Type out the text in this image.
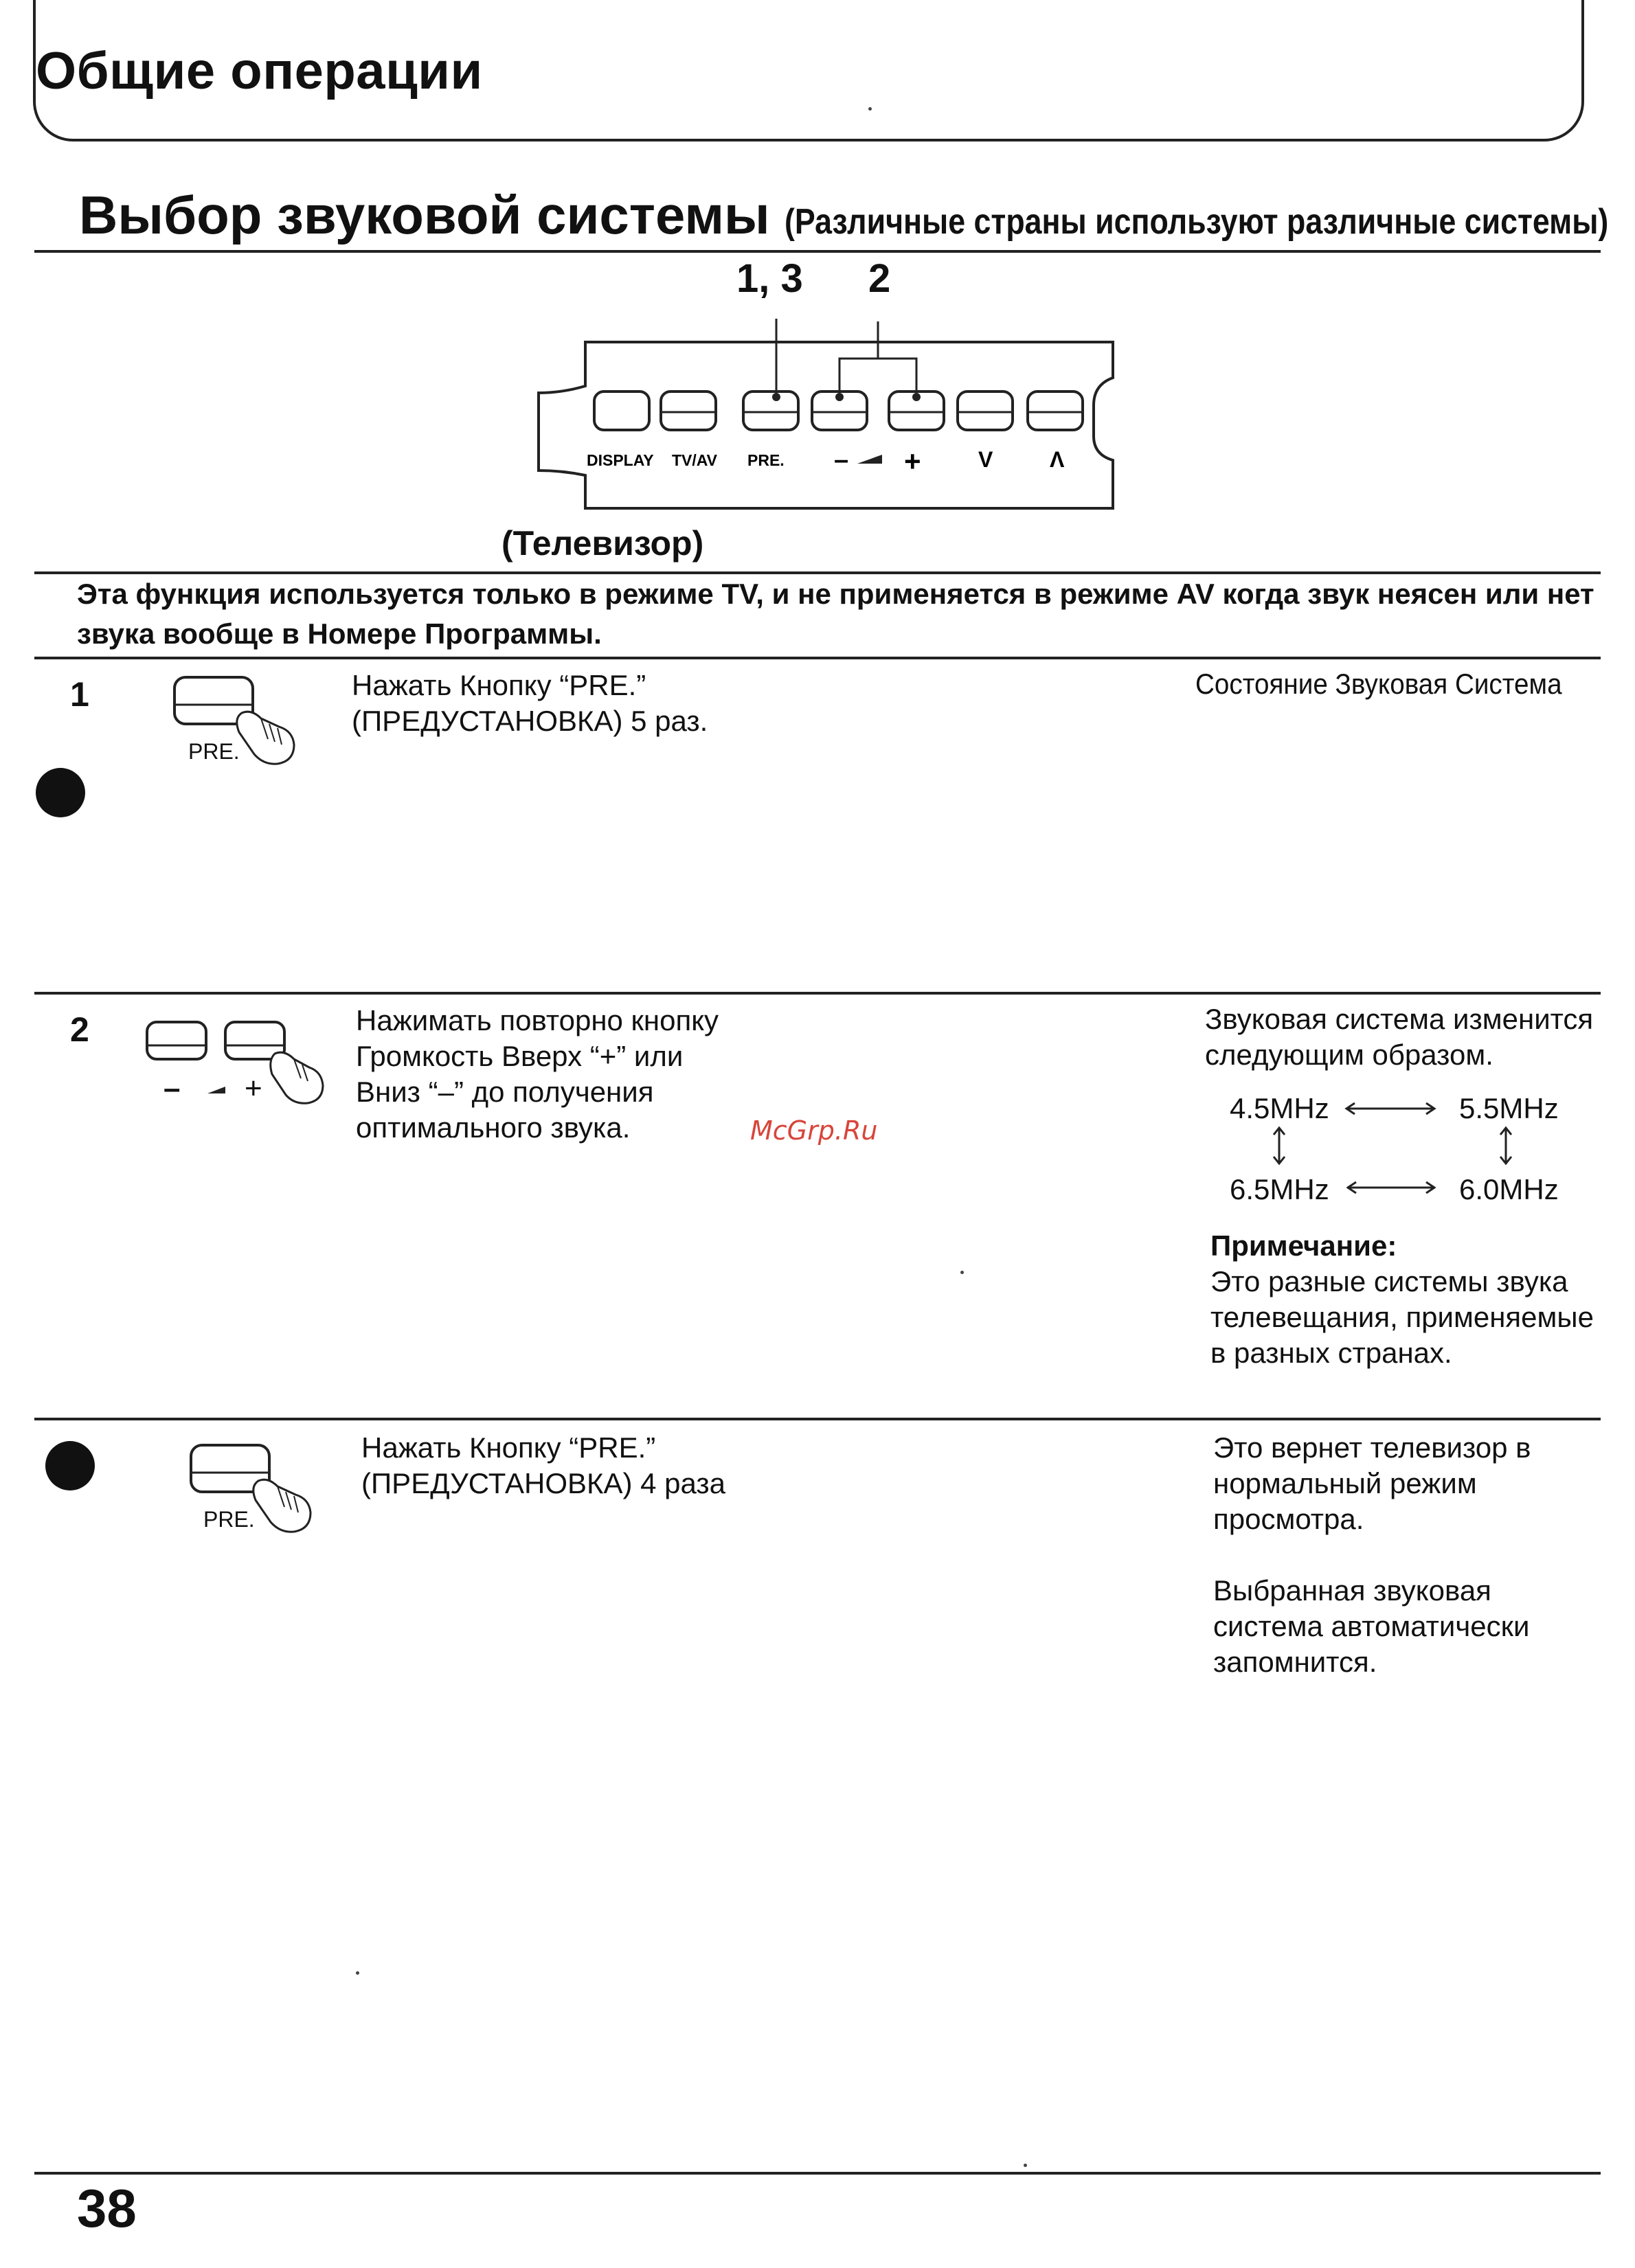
Общие операции
Выбор звуковой системы (Различные страны используют различные системы)
1, 3 2
DISPLAY TV/AV PRE. – +	V	Λ
(Телевизор)
Эта функция используется только в режиме TV, и не применяется в режиме AV когда звук неясен или нет звука вообще в Номере Программы.
1
PRE.
Нажать Кнопку “PRE.”
(ПРЕДУСТАНОВКА) 5 раз.
Состояние Звуковая Система
2
– +
Нажимать повторно кнопку
Громкость Вверх “+” или
Вниз “–” до получения
оптимального звука.	McGrp.Ru
Звуковая система изменится
следующим образом.
4.5MHz	5.5MHz
6.5MHz	6.0MHz
Примечание:
Это разные системы звука
телевещания, применяемые
в разных странах.
PRE.
Нажать Кнопку “PRE.”
(ПРЕДУСТАНОВКА) 4 раза
Это вернет телевизор в
нормальный режим
просмотра.
Выбранная звуковая
система автоматически
запомнится.
38
